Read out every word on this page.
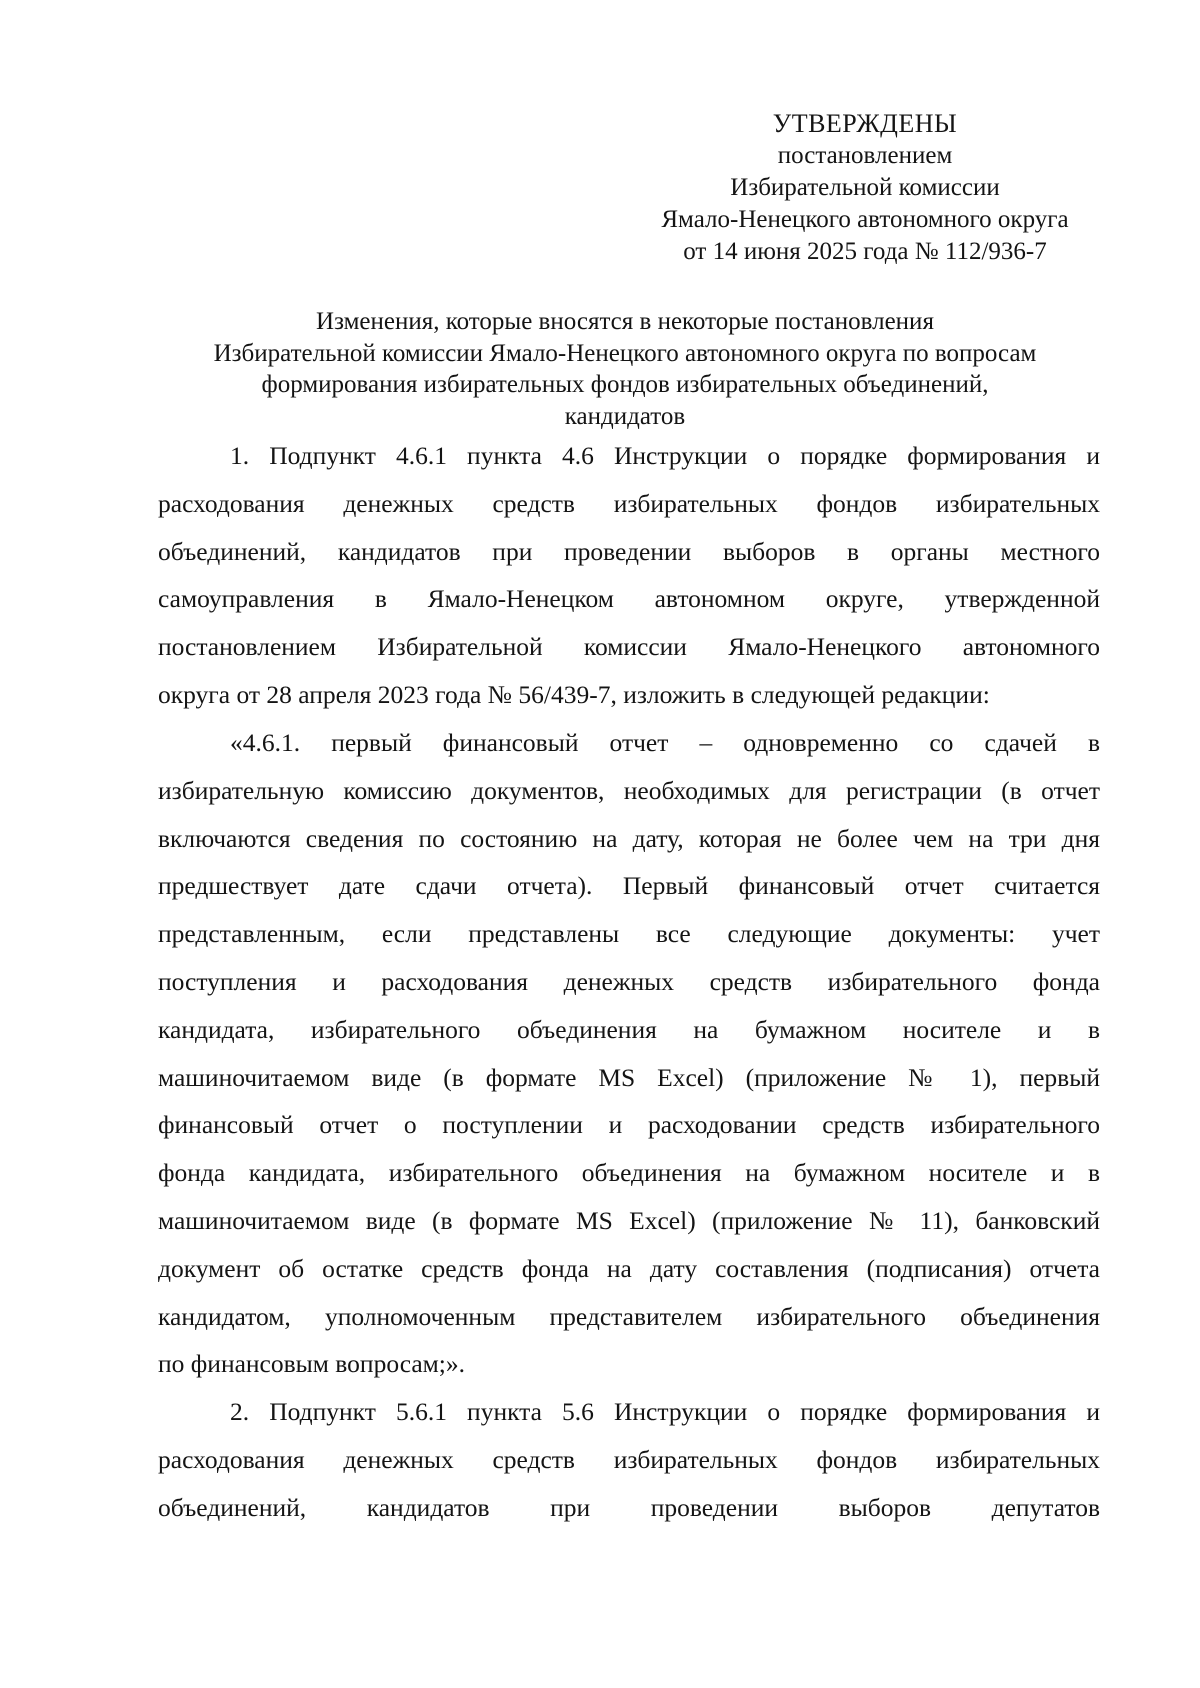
УТВЕРЖДЕНЫ
постановлением
Избирательной комиссии
Ямало-Ненецкого автономного округа
от 14 июня 2025 года № 112/936-7
Изменения, которые вносятся в некоторые постановления
Избирательной комиссии Ямало-Ненецкого автономного округа по вопросам
формирования избирательных фондов избирательных объединений,
кандидатов
1. Подпункт 4.6.1 пункта 4.6 Инструкции о порядке формирования и
расходования денежных средств избирательных фондов избирательных
объединений, кандидатов при проведении выборов в органы местного
самоуправления в Ямало-Ненецком автономном округе, утвержденной
постановлением Избирательной комиссии Ямало-Ненецкого автономного
округа от 28 апреля 2023 года № 56/439-7, изложить в следующей редакции:
«4.6.1. первый финансовый отчет – одновременно со сдачей в
избирательную комиссию документов, необходимых для регистрации (в отчет
включаются сведения по состоянию на дату, которая не более чем на три дня
предшествует дате сдачи отчета). Первый финансовый отчет считается
представленным, если представлены все следующие документы: учет
поступления и расходования денежных средств избирательного фонда
кандидата, избирательного объединения на бумажном носителе и в
машиночитаемом виде (в формате MS Excel) (приложение № 1), первый
финансовый отчет о поступлении и расходовании средств избирательного
фонда кандидата, избирательного объединения на бумажном носителе и в
машиночитаемом виде (в формате MS Excel) (приложение № 11), банковский
документ об остатке средств фонда на дату составления (подписания) отчета
кандидатом, уполномоченным представителем избирательного объединения
по финансовым вопросам;».
2. Подпункт 5.6.1 пункта 5.6 Инструкции о порядке формирования и
расходования денежных средств избирательных фондов избирательных
объединений, кандидатов при проведении выборов депутатов
